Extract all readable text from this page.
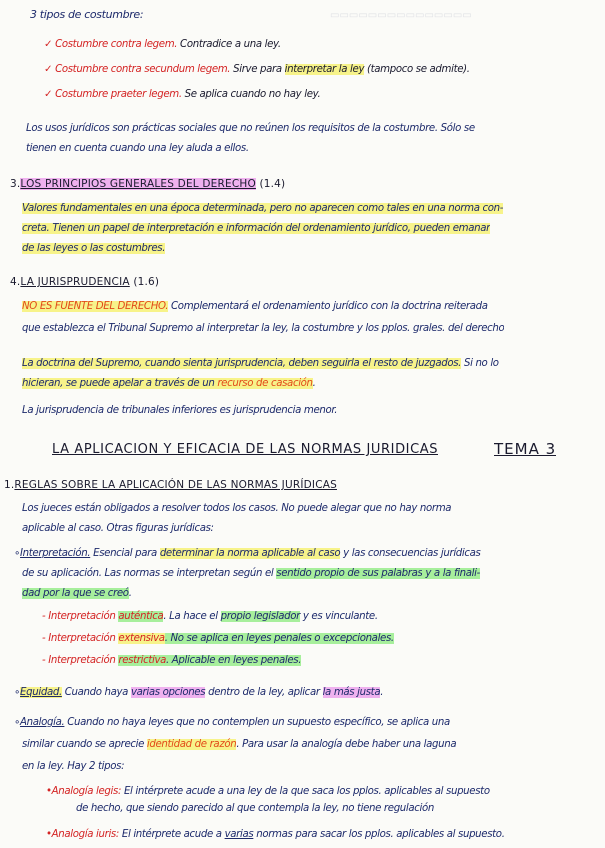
▭▭▭▭▭▭▭▭▭▭▭▭▭▭▭
3 tipos de costumbre:
✓ Costumbre contra legem. Contradice a una ley.
✓ Costumbre contra secundum legem. Sirve para interpretar la ley (tampoco se admite).
✓ Costumbre praeter legem. Se aplica cuando no hay ley.
Los usos jurídicos son prácticas sociales que no reúnen los requisitos de la costumbre. Sólo se
tienen en cuenta cuando una ley aluda a ellos.
3.LOS PRINCIPIOS GENERALES DEL DERECHO (1.4)
Valores fundamentales en una época determinada, pero no aparecen como tales en una norma con-
creta. Tienen un papel de interpretación e información del ordenamiento jurídico, pueden emanar
de las leyes o las costumbres.
4.LA JURISPRUDENCIA (1.6)
NO ES FUENTE DEL DERECHO. Complementará el ordenamiento jurídico con la doctrina reiterada
que establezca el Tribunal Supremo al interpretar la ley, la costumbre y los pplos. grales. del derecho
La doctrina del Supremo, cuando sienta jurisprudencia, deben seguirla el resto de juzgados. Si no lo
hicieran, se puede apelar a través de un recurso de casación.
La jurisprudencia de tribunales inferiores es jurisprudencia menor.
LA APLICACIÓN Y EFICACIA DE LAS NORMAS JURÍDICAS	TEMA 3
1.REGLAS SOBRE LA APLICACIÓN DE LAS NORMAS JURÍDICAS
Los jueces están obligados a resolver todos los casos. No puede alegar que no hay norma
aplicable al caso. Otras figuras jurídicas:
∘Interpretación. Esencial para determinar la norma aplicable al caso y las consecuencias jurídicas
de su aplicación. Las normas se interpretan según el sentido propio de sus palabras y a la finali-
dad por la que se creó.
- Interpretación auténtica. La hace el propio legislador y es vinculante.
- Interpretación extensiva. No se aplica en leyes penales o excepcionales.
- Interpretación restrictiva. Aplicable en leyes penales.
∘Equidad. Cuando haya varias opciones dentro de la ley, aplicar la más justa.
∘Analogía. Cuando no haya leyes que no contemplen un supuesto específico, se aplica una
similar cuando se aprecie identidad de razón. Para usar la analogía debe haber una laguna
en la ley. Hay 2 tipos:
•Analogía legis: El intérprete acude a una ley de la que saca los pplos. aplicables al supuesto
de hecho, que siendo parecido al que contempla la ley, no tiene regulación
•Analogía iuris: El intérprete acude a varias normas para sacar los pplos. aplicables al supuesto.
